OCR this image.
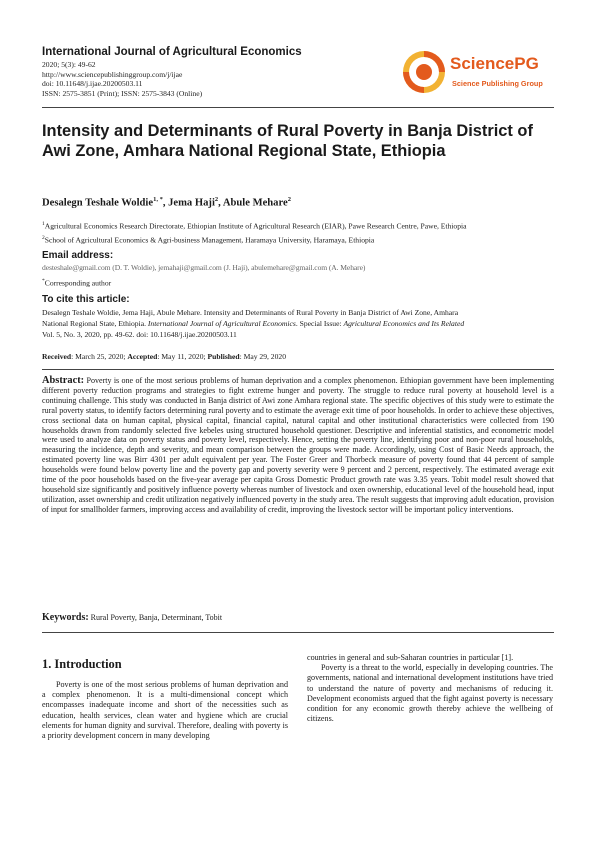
International Journal of Agricultural Economics
2020; 5(3): 49-62
http://www.sciencepublishinggroup.com/j/ijae
doi: 10.11648/j.ijae.20200503.11
ISSN: 2575-3851 (Print); ISSN: 2575-3843 (Online)
SciencePG
Science Publishing Group
Intensity and Determinants of Rural Poverty in Banja District of Awi Zone, Amhara National Regional State, Ethiopia
Desalegn Teshale Woldie$^{1, *}$, Jema Haji$^2$, Abule Mehare$^2$
$^1$Agricultural Economics Research Directorate, Ethiopian Institute of Agricultural Research (EIAR), Pawe Research Centre, Pawe, Ethiopia
$^2$School of Agricultural Economics & Agri-business Management, Haramaya University, Haramaya, Ethiopia
Email address:
desteshale@gmail.com (D. T. Woldie), jemahaji@gmail.com (J. Haji), abulemehare@gmail.com (A. Mehare)
*Corresponding author
To cite this article:
Desalegn Teshale Woldie, Jema Haji, Abule Mehare. Intensity and Determinants of Rural Poverty in Banja District of Awi Zone, Amhara
National Regional State, Ethiopia. International Journal of Agricultural Economics. Special Issue: Agricultural Economics and Its Related
Vol. 5, No. 3, 2020, pp. 49-62. doi: 10.11648/j.ijae.20200503.11
Received: March 25, 2020; Accepted: May 11, 2020; Published: May 29, 2020
Abstract: Poverty is one of the most serious problems of human deprivation and a complex phenomenon. Ethiopian government have been implementing different poverty reduction programs and strategies to fight extreme hunger and poverty. The struggle to reduce rural poverty at household level is a continuing challenge. This study was conducted in Banja district of Awi zone Amhara regional state. The specific objectives of this study were to estimate the rural poverty status, to identify factors determining rural poverty and to estimate the average exit time of poor households. In order to achieve these objectives, cross sectional data on human capital, physical capital, financial capital, natural capital and other institutional characteristics were collected from 190 households drawn from randomly selected five kebeles using structured household questioner. Descriptive and inferential statistics, and econometric model were used to analyze data on poverty status and poverty level, respectively. Hence, setting the poverty line, identifying poor and non-poor rural households, measuring the incidence, depth and severity, and mean comparison between the groups were made. Accordingly, using Cost of Basic Needs approach, the estimated poverty line was Birr 4301 per adult equivalent per year. The Foster Greer and Thorbeck measure of poverty found that 44 percent of sample households were found below poverty line and the poverty gap and poverty severity were 9 percent and 2 percent, respectively. The estimated average exit time of the poor households based on the five-year average per capita Gross Domestic Product growth rate was 3.35 years. Tobit model result showed that household size significantly and positively influence poverty whereas number of livestock and oxen ownership, educational level of the household head, input utilization, asset ownership and credit utilization negatively influenced poverty in the study area. The result suggests that improving adult education, provision of input for smallholder farmers, improving access and availability of credit, improving the livestock sector will be important policy interventions.
Keywords: Rural Poverty, Banja, Determinant, Tobit
1. Introduction

Poverty is one of the most serious problems of human deprivation and a complex phenomenon. It is a multi-dimensional concept which encompasses inadequate income and short of the necessities such as education, health services, clean water and hygiene which are crucial elements for human dignity and survival. Therefore, dealing with poverty is a priority development concern in many developing

countries in general and sub-Saharan countries in particular [1].

Poverty is a threat to the world, especially in developing countries. The governments, national and international development institutions have tried to understand the nature of poverty and mechanisms of reducing it. Development economists argued that the fight against poverty is necessary condition for any economic growth thereby achieve the wellbeing of citizens.
